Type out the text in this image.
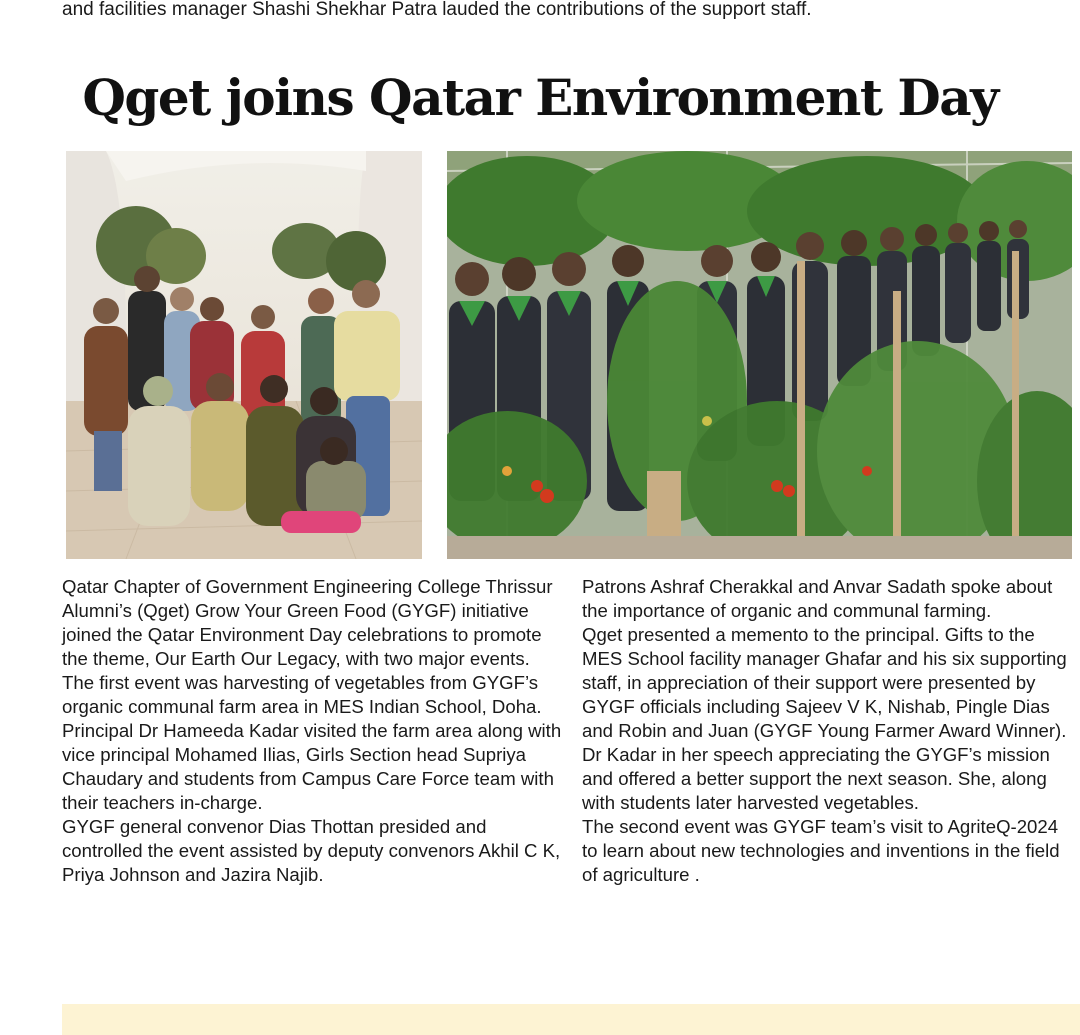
and facilities manager Shashi Shekhar Patra lauded the contributions of the support staff.
Qget joins Qatar Environment Day

Qatar Chapter of Government Engineering College Thrissur Alumni’s (Qget) Grow Your Green Food (GYGF) initiative joined the Qatar Environment Day celebrations to promote the theme, Our Earth Our Legacy, with two major events.

The first event was harvesting of vegetables from GYGF’s organic communal farm area in MES Indian School, Doha.

Principal Dr Hameeda Kadar visited the farm area along with vice principal Mohamed Ilias, Girls Section head Supriya Chaudary and students from Campus Care Force team with their teachers in-charge.

GYGF general convenor Dias Thottan presided and controlled the event assisted by deputy convenors Akhil C K, Priya Johnson and Jazira Najib.

Patrons Ashraf Cherakkal and Anvar Sadath spoke about the importance of organic and communal farming.

Qget presented a memento to the principal. Gifts to the MES School facility manager Ghafar and his six supporting staff, in appreciation of their support were presented by GYGF officials including Sajeev V K, Nishab, Pingle Dias and Robin and Juan (GYGF Young Farmer Award Winner).

Dr Kadar in her speech appreciating the GYGF’s mission and offered a better support the next season. She, along with students later harvested vegetables.

The second event was GYGF team’s visit to AgriteQ-2024 to learn about new technologies and inventions in the field of agriculture .
